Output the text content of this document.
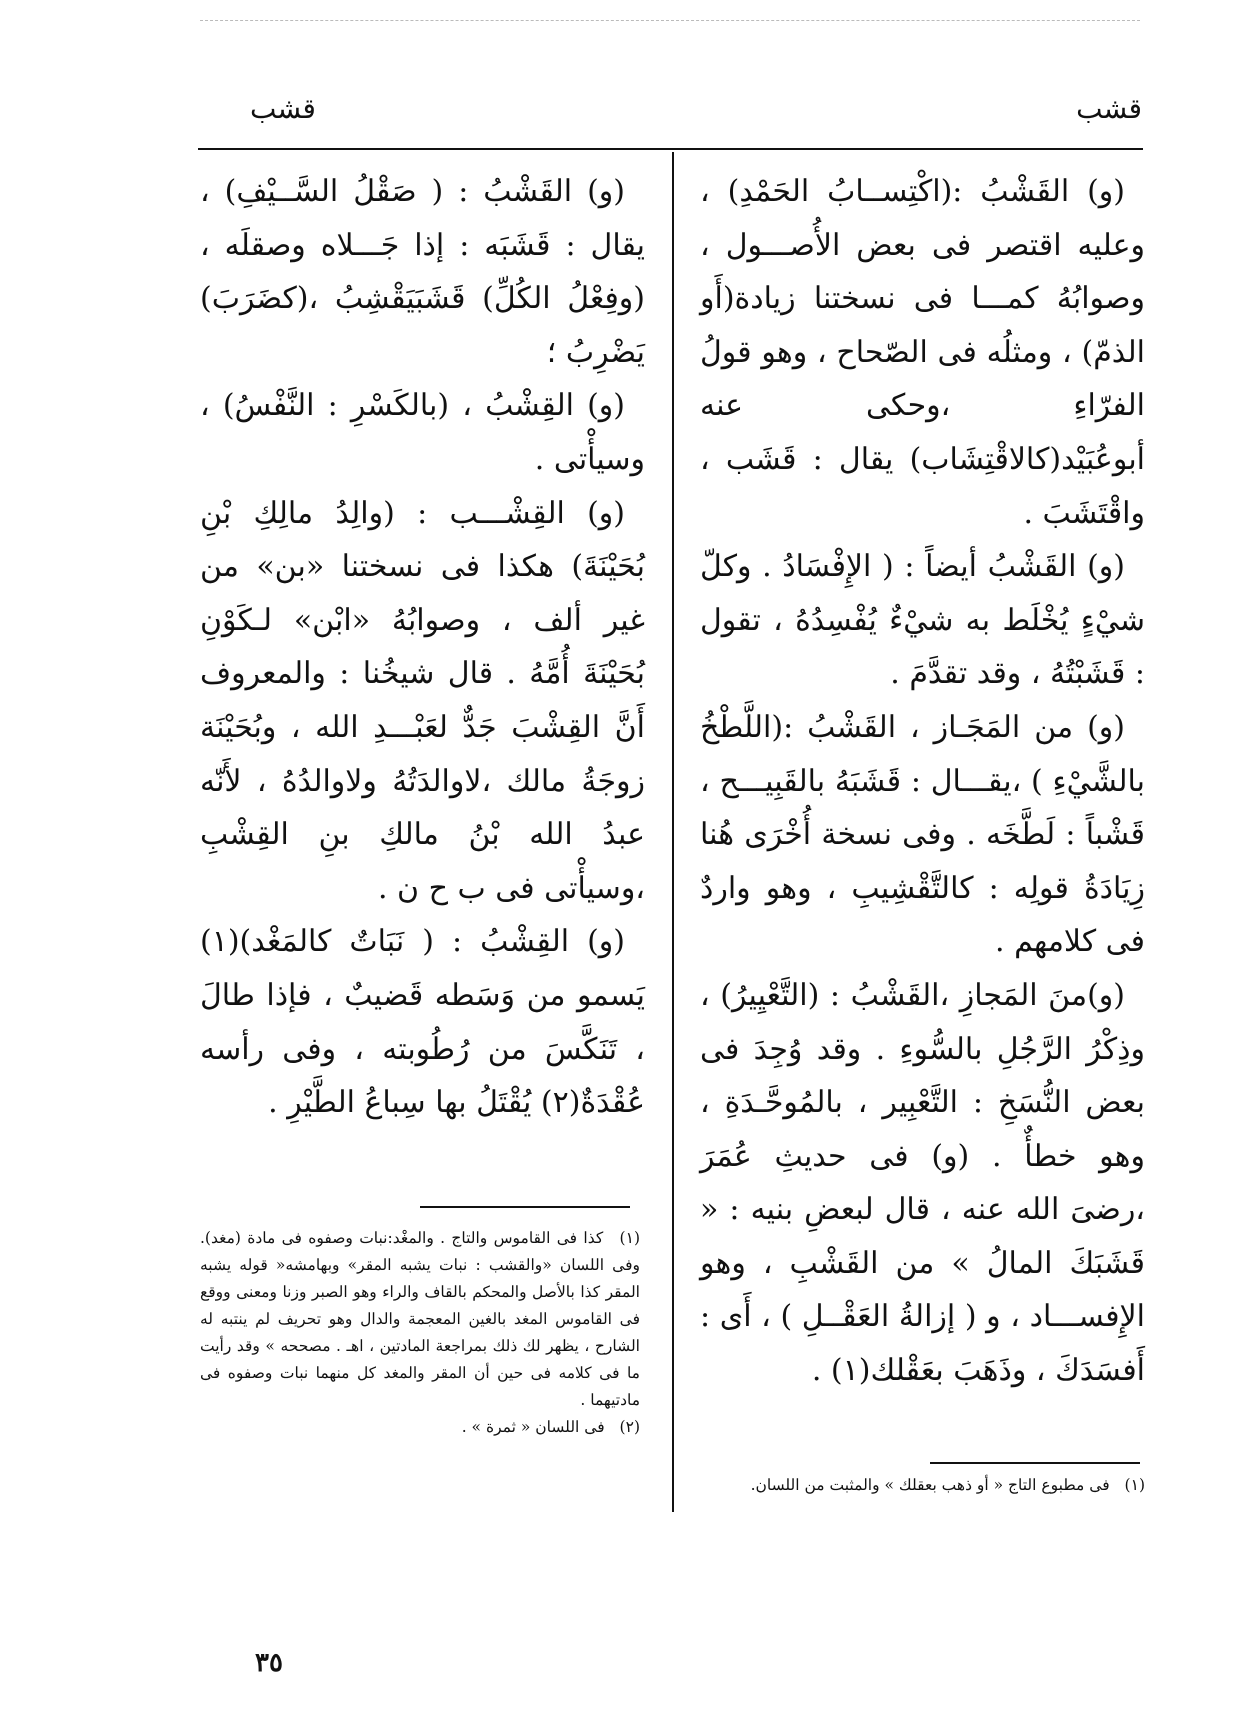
قشب
قشب

(و) القَشْبُ :(اكْتِســابُ الحَمْدِ) ، وعليه اقتصر فى بعض الأُصـــول ، وصوابُهُ كمـــا فى نسختنا زيادة(أَو الذمّ) ، ومثلُه فى الصّحاح ، وهو قولُ الفرّاءِ ،وحكى عنه أبوعُبَيْد(كالاقْتِشَاب) يقال : قَشَب ، واقْتَشَبَ .

(و) القَشْبُ أيضاً : ( الإِفْسَادُ . وكلّ شيْءٍ يُخْلَط به شيْءٌ يُفْسِدُهُ ، تقول : قَشَبْتُهُ ، وقد تقدَّمَ .

(و) من المَجَـاز ، القَشْبُ :(اللَّطْخُ بالشَّيْءِ ) ،يقـــال : قَشَبَهُ بالقَبِيـــح ، قَشْباً : لَطَّخَه . وفى نسخة أُخْرَى هُنا زِيَادَةُ قولِه : كالتَّقْشِيبِ ، وهو واردٌ فى كلامهم .

(و)منَ المَجازِ ،القَشْبُ : (التَّعْيِيرُ) ، وذِكْرُ الرَّجُلِ بالسُّوءِ . وقد وُجِدَ فى بعض النُّسَخِ : التَّعْبِير ، بالمُوحَّـدَةِ ، وهو خطأٌ . (و) فى حديثِ عُمَرَ ،رضىَ الله عنه ، قال لبعضِ بنيه : « قَشَبَكَ المالُ » من القَشْبِ ، وهو الإِفســـاد ، و ( إزالةُ العَقْــلِ ) ، أَى : أَفسَدَكَ ، وذَهَبَ بعَقْلك(١) .

(و) القَشْبُ : ( صَقْلُ السَّــيْفِ) ، يقال : قَشَبَه : إذا جَـــلاه وصقلَه ، (وفِعْلُ الكُلِّ) قَشَبَيَقْشِبُ ،(كضَرَبَ) يَضْرِبُ ؛

(و) القِشْبُ ، (بالكَسْرِ : النَّفْسُ) ، وسيأْتى .

(و) القِشْـــب : (والِدُ مالِكِ بْنِ بُحَيْنَةَ) هكذا فى نسختنا «بن» من غير ألف ، وصوابُهُ «ابْن» لـكَوْنِ بُحَيْنَةَ أُمَّهُ . قال شيخُنا : والمعروف أَنَّ القِشْبَ جَدٌّ لعَبْـــدِ الله ، وبُحَيْنَة زوجَةُ مالك ،لاوالدَتُهُ ولاوالدُهُ ، لأَنّه عبدُ الله بْنُ مالكِ بنِ القِشْبِ ،وسيأْتى فى ب ح ن .

(و) القِشْبُ : ( نَبَاتٌ كالمَغْد)(١) يَسمو من وَسَطه قَضيبٌ ، فإذا طالَ ، تَنَكَّسَ من رُطُوبته ، وفى رأسه عُقْدَةٌ(٢) يُقْتَلُ بها سِباعُ الطَّيْرِ .

(١) كذا فى القاموس والتاج . والمغْد:نبات وصفوه فى مادة (مغد). وفى اللسان «والقشب : نبات يشبه المقر» وبهامشه« قوله يشبه المقر كذا بالأصل والمحكم بالقاف والراء وهو الصبر وزنا ومعنى ووقع فى القاموس المغد بالغين المعجمة والدال وهو تحريف لم ينتبه له الشارح ، يظهر لك ذلك بمراجعة المادتين ، اهـ . مصححه » وقد رأيت ما فى كلامه فى حين أن المقر والمغد كل منهما نبات وصفوه فى مادتيهما .

(٢) فى اللسان « ثمرة » .

(١) فى مطبوع التاج « أو ذهب بعقلك » والمثبت من اللسان.

٣٥
